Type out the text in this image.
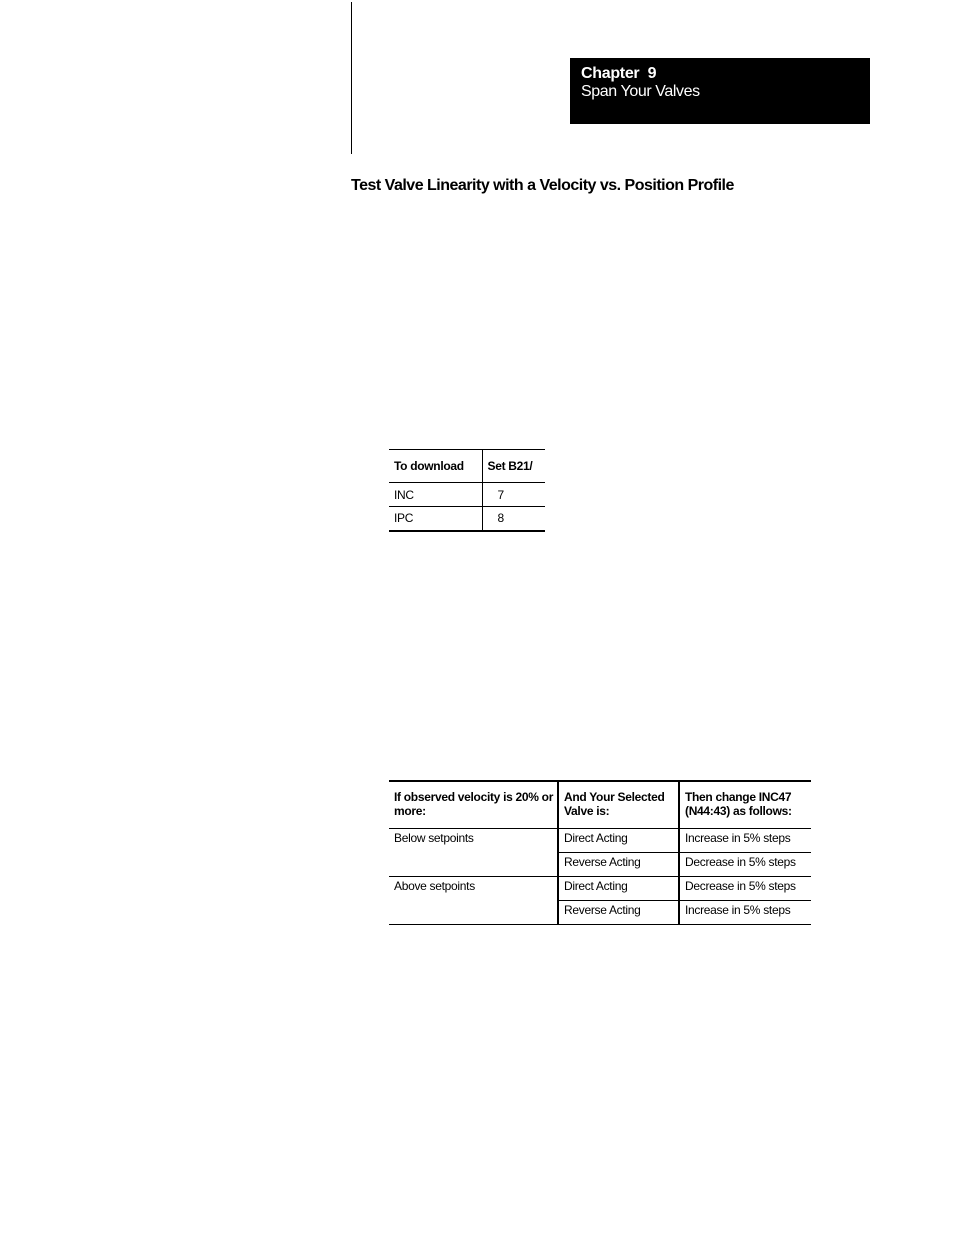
Chapter  9
Span Your Valves
Test Valve Linearity with a Velocity vs. Position Profile
To download	Set B21/
INC	7
IPC	8
If observed velocity is 20% or more:	And Your Selected Valve is:	Then change INC47 (N44:43) as follows:
Below setpoints	Direct Acting	Increase in 5% steps
	Reverse Acting	Decrease in 5% steps
Above setpoints	Direct Acting	Decrease in 5% steps
	Reverse Acting	Increase in 5% steps
